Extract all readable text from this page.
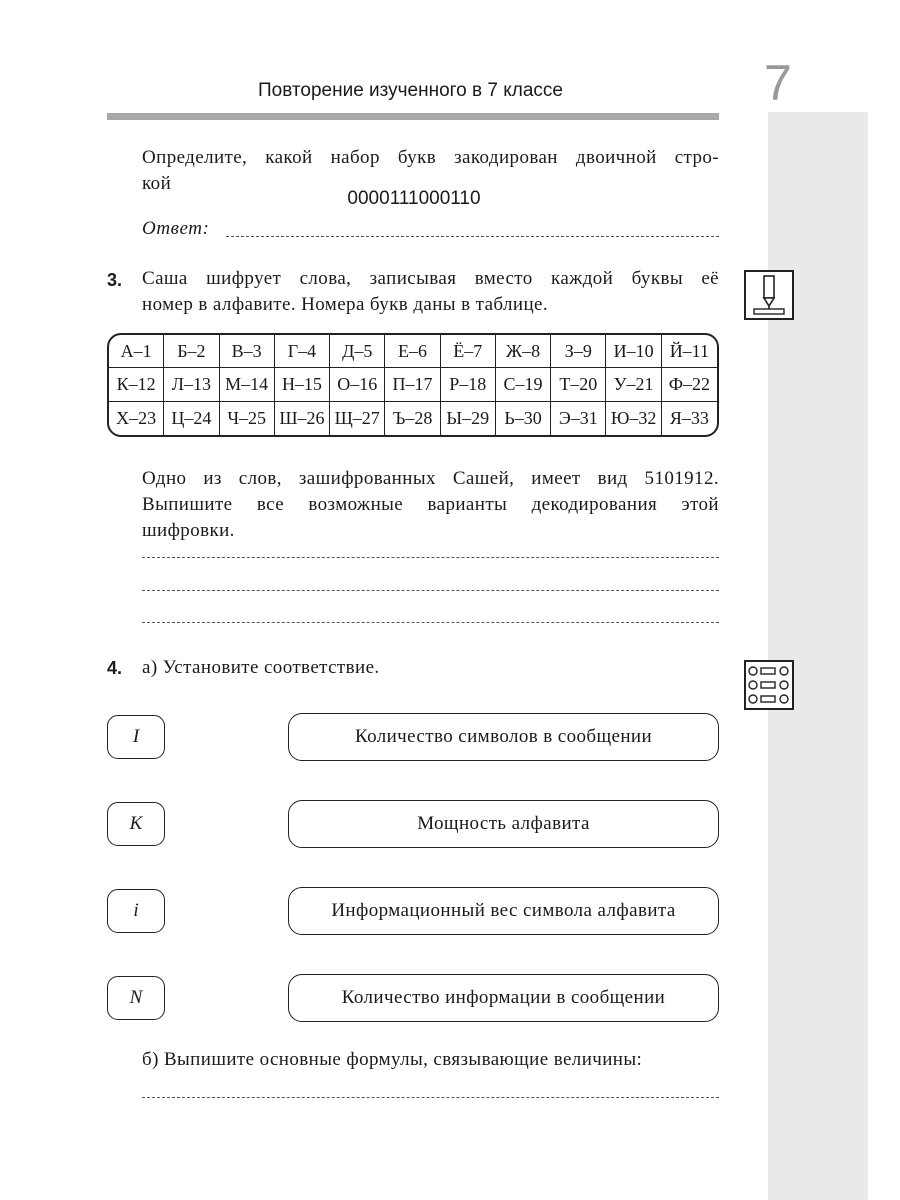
Повторение изученного в 7 классе	7
Определите, какой набор букв закодирован двоичной стро-
кой
0000111000110
Ответ:
3. Саша шифрует слова, записывая вместо каждой буквы её
номер в алфавите. Номера букв даны в таблице.
А–1	Б–2	В–3	Г–4	Д–5	Е–6	Ё–7	Ж–8	З–9	И–10 Й–11
К–12 Л–13 М–14 Н–15 О–16 П–17 Р–18 С–19 Т–20 У–21 Ф–22
Х–23 Ц–24 Ч–25 Ш–26 Щ–27 Ъ–28 Ы–29 Ь–30 Э–31 Ю–32 Я–33
Одно из слов, зашифрованных Сашей, имеет вид 5101912.
Выпишите все возможные варианты декодирования этой
шифровки.
4. а) Установите соответствие.
I
K
i
N
Количество символов в сообщении
Мощность алфавита
Информационный вес символа алфавита
Количество информации в сообщении
б) Выпишите основные формулы, связывающие величины:
